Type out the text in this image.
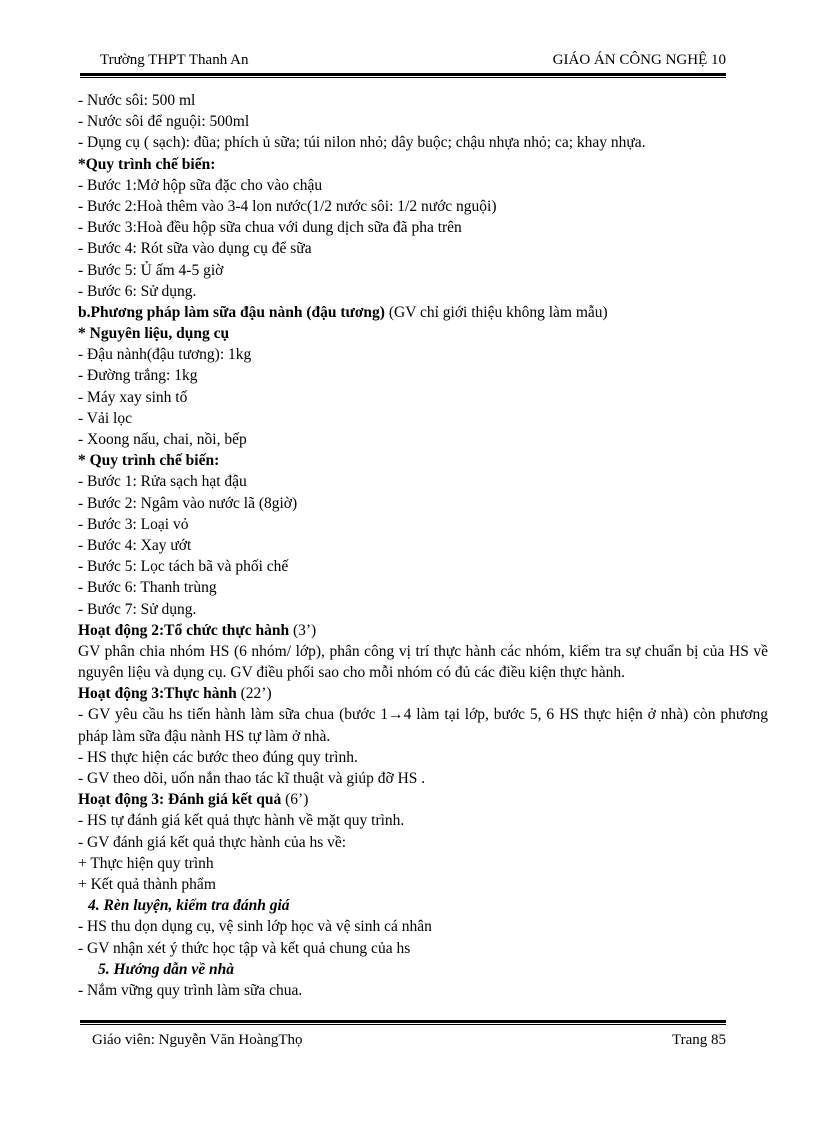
Trường THPT Thanh An	GIÁO ÁN CÔNG NGHỆ 10
- Nước sôi: 500 ml
- Nước sôi để nguội: 500ml
- Dụng cụ ( sạch): đũa; phích ủ sữa; túi nilon nhỏ; dây buộc; chậu nhựa nhỏ; ca; khay nhựa.
*Quy trình chế biến:
- Bước 1:Mở hộp sữa đặc cho vào chậu
- Bước 2:Hoà thêm vào 3-4 lon nước(1/2 nước sôi: 1/2 nước nguội)
- Bước 3:Hoà đều hộp sữa chua với dung dịch sữa đã pha trên
- Bước 4: Rót sữa vào dụng cụ để sữa
- Bước 5: Ủ ấm 4-5 giờ
- Bước 6: Sử dụng.
b.Phương pháp làm sữa đậu nành (đậu tương) (GV chỉ giới thiệu không làm mẫu)
* Nguyên liệu, dụng cụ
- Đậu nành(đậu tương): 1kg
- Đường trắng: 1kg
- Máy xay sinh tố
- Vải lọc
- Xoong nấu, chai, nồi, bếp
* Quy trình chế biến:
- Bước 1: Rửa sạch hạt đậu
- Bước 2: Ngâm vào nước lã (8giờ)
- Bước 3: Loại vỏ
- Bước 4: Xay ướt
- Bước 5: Lọc tách bã và phối chế
- Bước 6: Thanh trùng
- Bước 7: Sử dụng.
Hoạt động 2:Tổ chức thực hành (3’)
GV phân chia nhóm HS (6 nhóm/ lớp), phân công vị trí thực hành các nhóm, kiểm tra sự chuẩn bị của HS về nguyên liệu và dụng cụ. GV điều phối sao cho mỗi nhóm có đủ các điều kiện thực hành.
Hoạt động 3:Thực hành (22’)
- GV yêu cầu hs tiến hành làm sữa chua (bước 1→4 làm tại lớp, bước 5, 6 HS thực hiện ở nhà) còn phương pháp làm sữa đậu nành HS tự làm ở nhà.
- HS thực hiện các bước theo đúng quy trình.
- GV theo dõi, uốn nắn thao tác kĩ thuật và giúp đỡ HS .
Hoạt động 3: Đánh giá kết quả (6’)
- HS tự đánh giá kết quả thực hành về mặt quy trình.
- GV đánh giá kết quả thực hành của hs về:
+ Thực hiện quy trình
+ Kết quả thành phẩm
4. Rèn luyện, kiểm tra đánh giá
- HS thu dọn dụng cụ, vệ sinh lớp học và vệ sinh cá nhân
- GV nhận xét ý thức học tập và kết quả chung của hs
5. Hướng dẫn về nhà
- Nắm vững quy trình làm sữa chua.
Giáo viên: Nguyễn Văn HoàngThọ	Trang 85
